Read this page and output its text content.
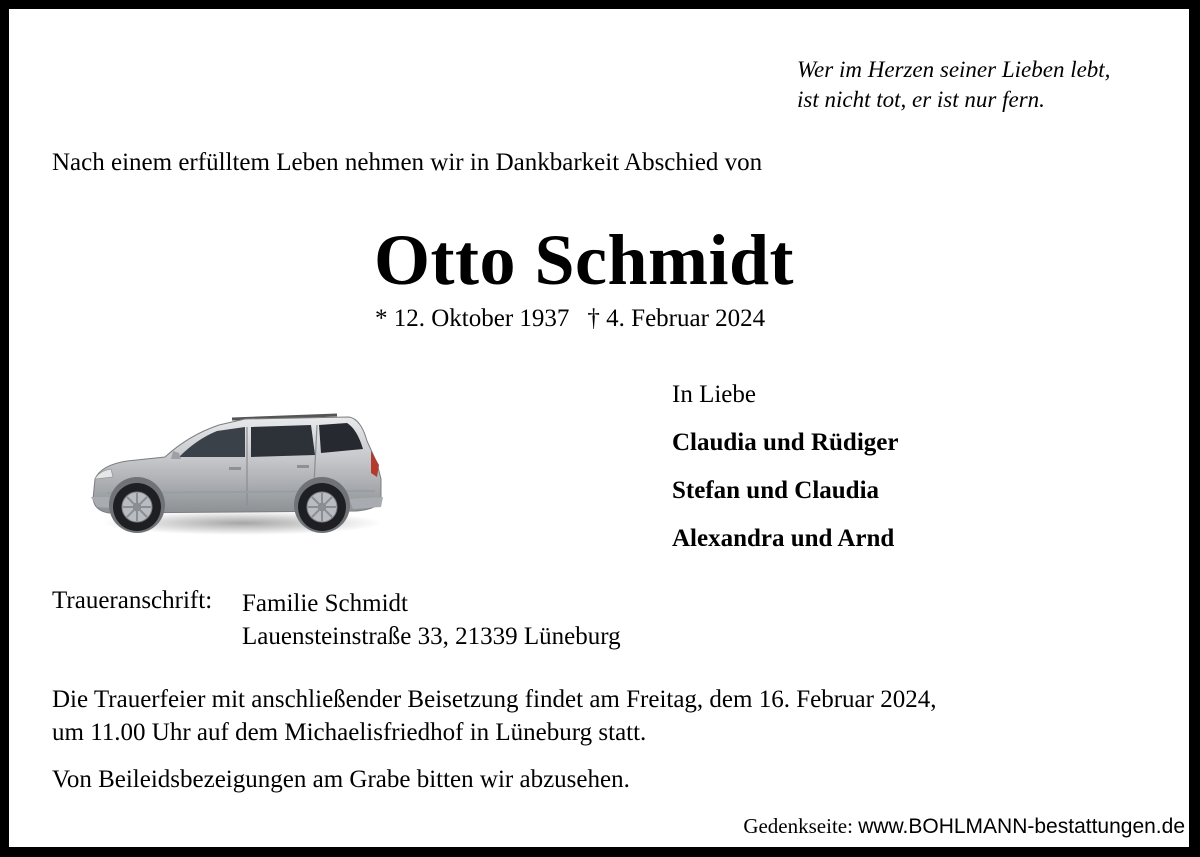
Wer im Herzen seiner Lieben lebt,
ist nicht tot, er ist nur fern.
Nach einem erfülltem Leben nehmen wir in Dankbarkeit Abschied von
Otto Schmidt
* 12. Oktober 1937 † 4. Februar 2024
In Liebe
Claudia und Rüdiger
Stefan und Claudia
Alexandra und Arnd
Traueranschrift: Familie Schmidt
Lauensteinstraße 33, 21339 Lüneburg
Die Trauerfeier mit anschließender Beisetzung findet am Freitag, dem 16. Februar 2024,
um 11.00 Uhr auf dem Michaelisfriedhof in Lüneburg statt.
Von Beileidsbezeigungen am Grabe bitten wir abzusehen.
Gedenkseite: www.BOHLMANN-bestattungen.de
